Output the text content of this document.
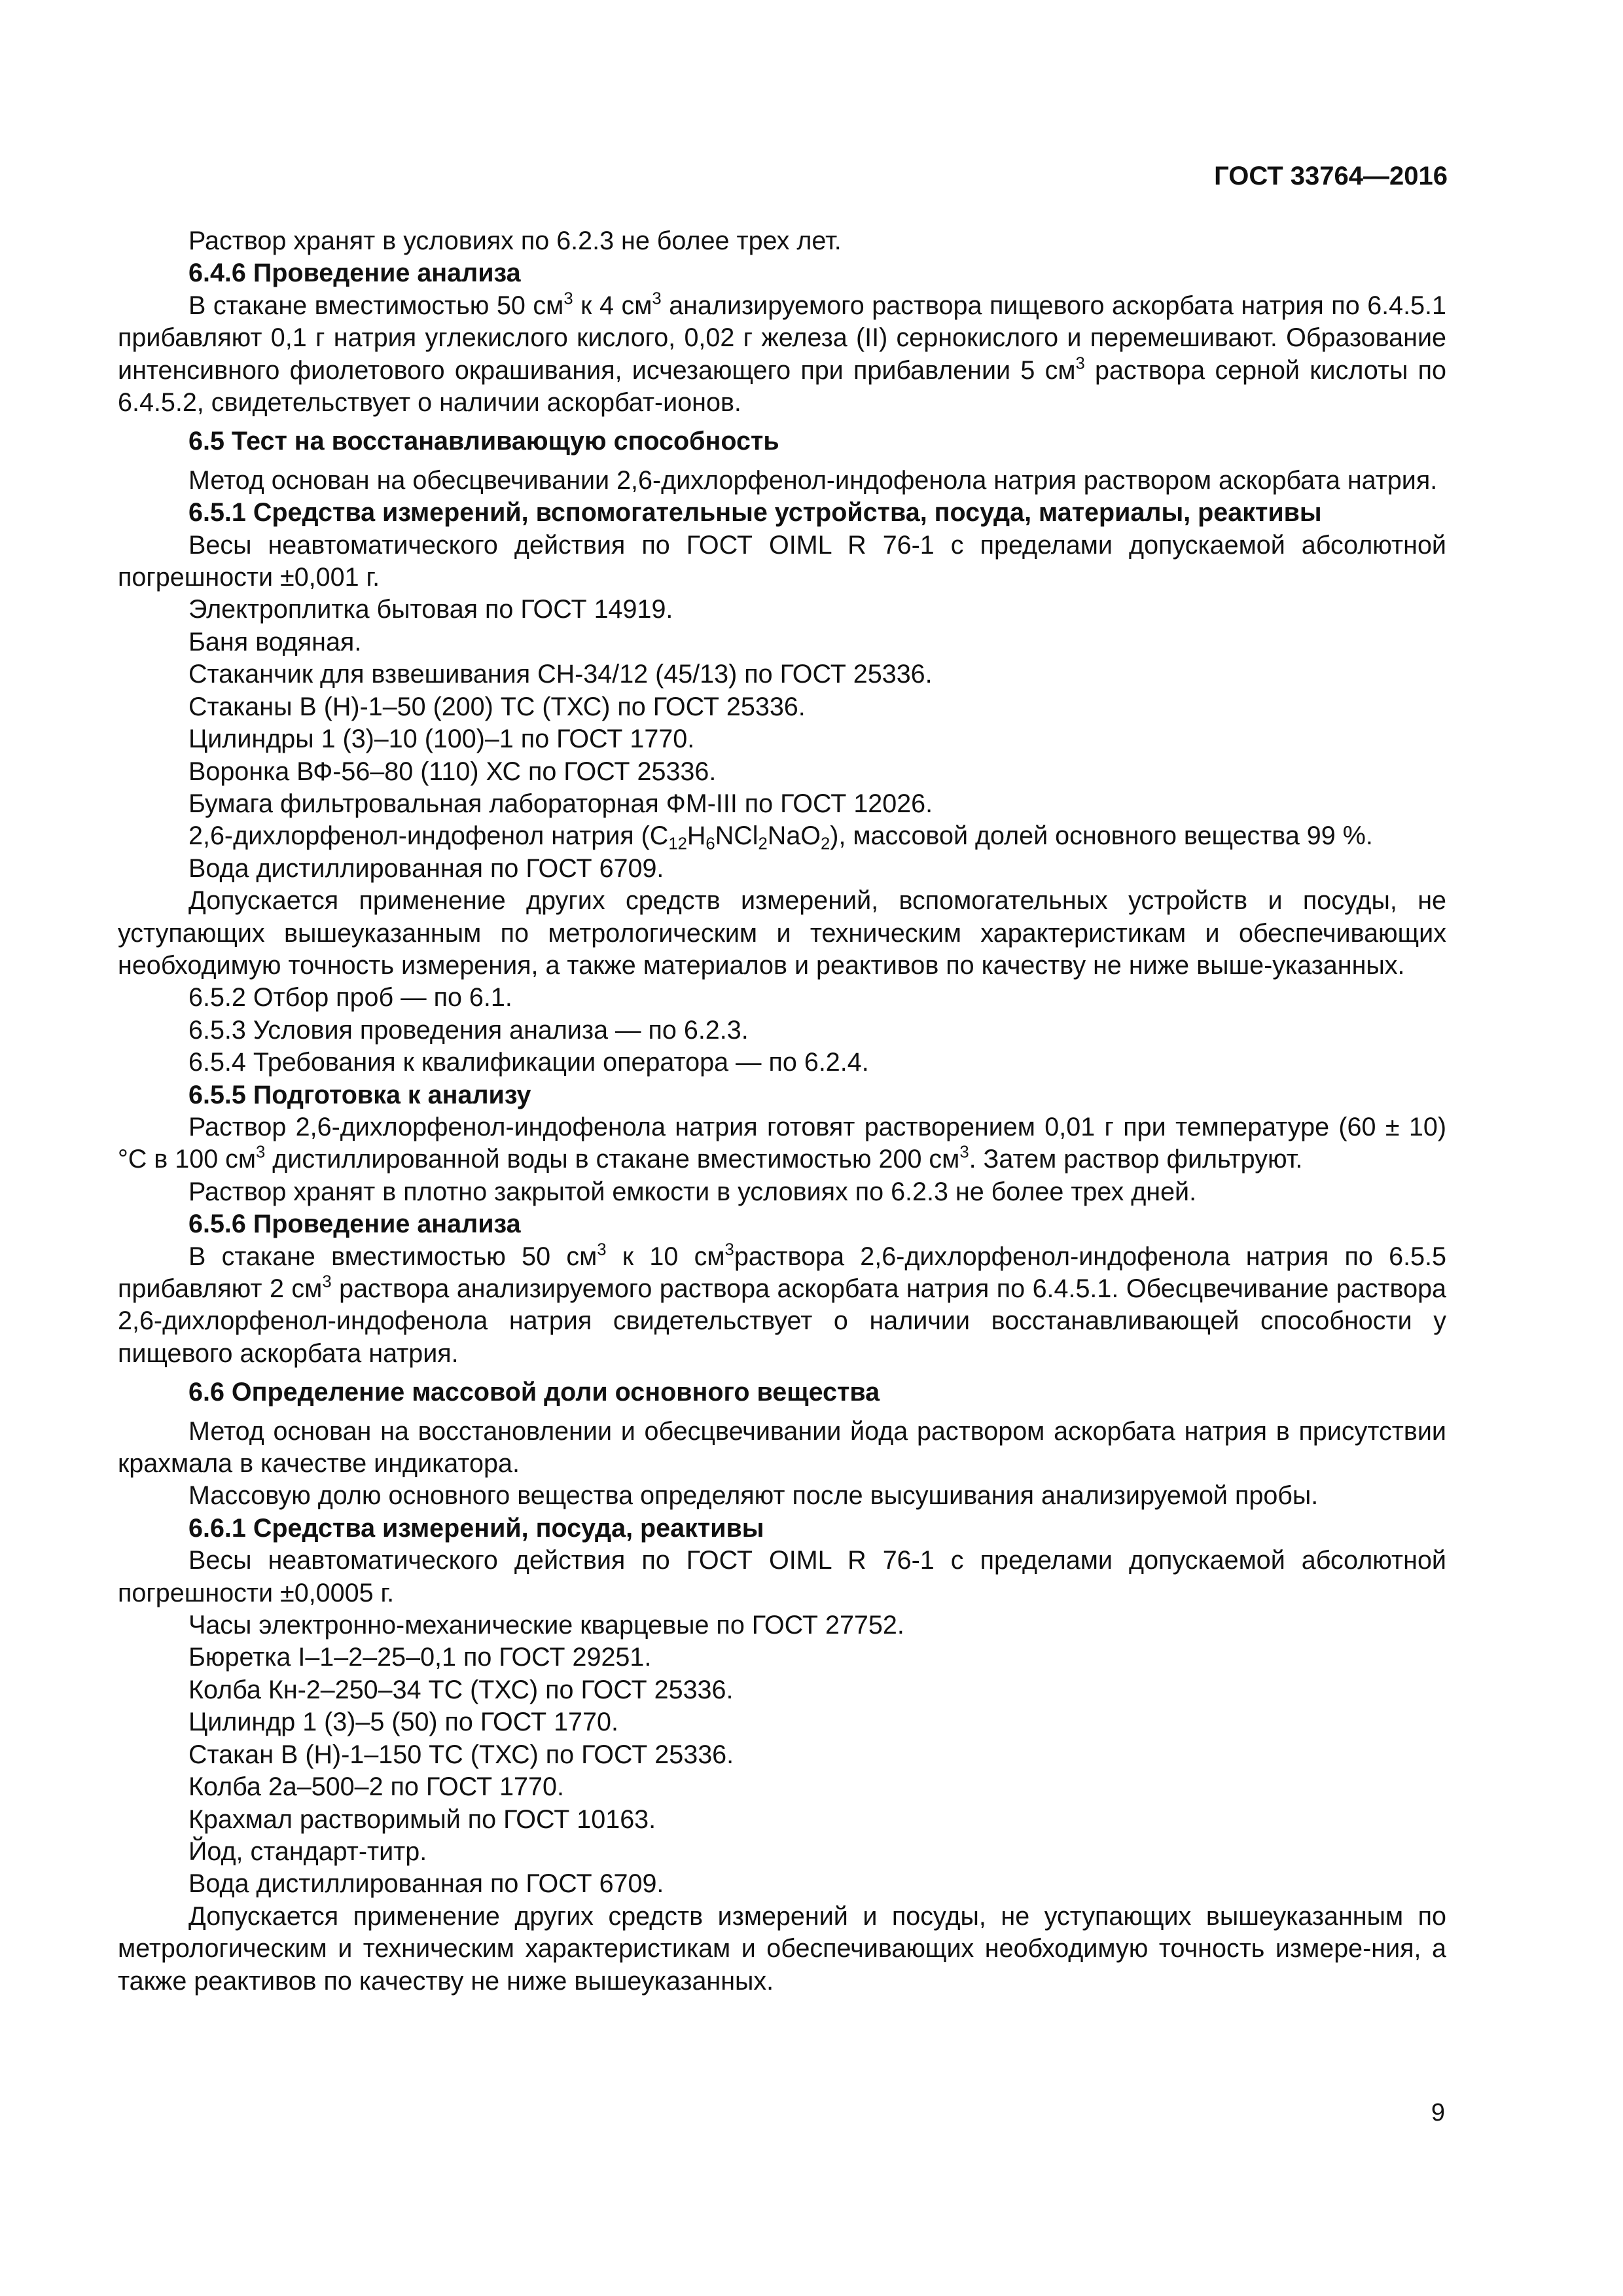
ГОСТ 33764—2016

Раствор хранят в условиях по 6.2.3 не более трех лет.

6.4.6 Проведение анализа

В стакане вместимостью 50 $см^3$ к 4 $см^3$ анализируемого раствора пищевого аскорбата натрия по 6.4.5.1 прибавляют 0,1 г натрия углекислого кислого, 0,02 г железа (II) сернокислого и перемешивают. Образование интенсивного фиолетового окрашивания, исчезающего при прибавлении 5 $см^3$ раствора серной кислоты по 6.4.5.2, свидетельствует о наличии аскорбат-ионов.

6.5 Тест на восстанавливающую способность

Метод основан на обесцвечивании 2,6-дихлорфенол-индофенола натрия раствором аскорбата натрия.

6.5.1 Средства измерений, вспомогательные устройства, посуда, материалы, реактивы

Весы неавтоматического действия по ГОСТ OIML R 76-1 с пределами допускаемой абсолютной погрешности ±0,001 г.

Электроплитка бытовая по ГОСТ 14919.

Баня водяная.

Стаканчик для взвешивания СН-34/12 (45/13) по ГОСТ 25336.

Стаканы В (Н)-1–50 (200) ТС (ТХС) по ГОСТ 25336.

Цилиндры 1 (3)–10 (100)–1 по ГОСТ 1770.

Воронка ВФ-56–80 (110) ХС по ГОСТ 25336.

Бумага фильтровальная лабораторная ФМ-III по ГОСТ 12026.

2,6-дихлорфенол-индофенол натрия $(C_{12}H_6NCl_2NaO_2)$, массовой долей основного вещества 99 %.

Вода дистиллированная по ГОСТ 6709.

Допускается применение других средств измерений, вспомогательных устройств и посуды, не уступающих вышеуказанным по метрологическим и техническим характеристикам и обеспечивающих необходимую точность измерения, а также материалов и реактивов по качеству не ниже выше-указанных.

6.5.2 Отбор проб — по 6.1.

6.5.3 Условия проведения анализа — по 6.2.3.

6.5.4 Требования к квалификации оператора — по 6.2.4.

6.5.5 Подготовка к анализу

Раствор 2,6-дихлорфенол-индофенола натрия готовят растворением 0,01 г при температуре (60 ± 10) °С в 100 $см^3$ дистиллированной воды в стакане вместимостью 200 $см^3$. Затем раствор фильтруют.

Раствор хранят в плотно закрытой емкости в условиях по 6.2.3 не более трех дней.

6.5.6 Проведение анализа

В стакане вместимостью 50 $см^3$ к 10 $см^3раствора$ 2,6-дихлорфенол-индофенола натрия по 6.5.5 прибавляют 2 $см^3$ раствора анализируемого раствора аскорбата натрия по 6.4.5.1. Обесцвечивание раствора 2,6-дихлорфенол-индофенола натрия свидетельствует о наличии восстанавливающей способности у пищевого аскорбата натрия.

6.6 Определение массовой доли основного вещества

Метод основан на восстановлении и обесцвечивании йода раствором аскорбата натрия в присутствии крахмала в качестве индикатора.

Массовую долю основного вещества определяют после высушивания анализируемой пробы.

6.6.1 Средства измерений, посуда, реактивы

Весы неавтоматического действия по ГОСТ OIML R 76-1 с пределами допускаемой абсолютной погрешности ±0,0005 г.

Часы электронно-механические кварцевые по ГОСТ 27752.

Бюретка I–1–2–25–0,1 по ГОСТ 29251.

Колба Кн-2–250–34 ТС (ТХС) по ГОСТ 25336.

Цилиндр 1 (3)–5 (50) по ГОСТ 1770.

Стакан В (Н)-1–150 ТС (ТХС) по ГОСТ 25336.

Колба 2а–500–2 по ГОСТ 1770.

Крахмал растворимый по ГОСТ 10163.

Йод, стандарт-титр.

Вода дистиллированная по ГОСТ 6709.

Допускается применение других средств измерений и посуды, не уступающих вышеуказанным по метрологическим и техническим характеристикам и обеспечивающих необходимую точность измере-ния, а также реактивов по качеству не ниже вышеуказанных.

9
